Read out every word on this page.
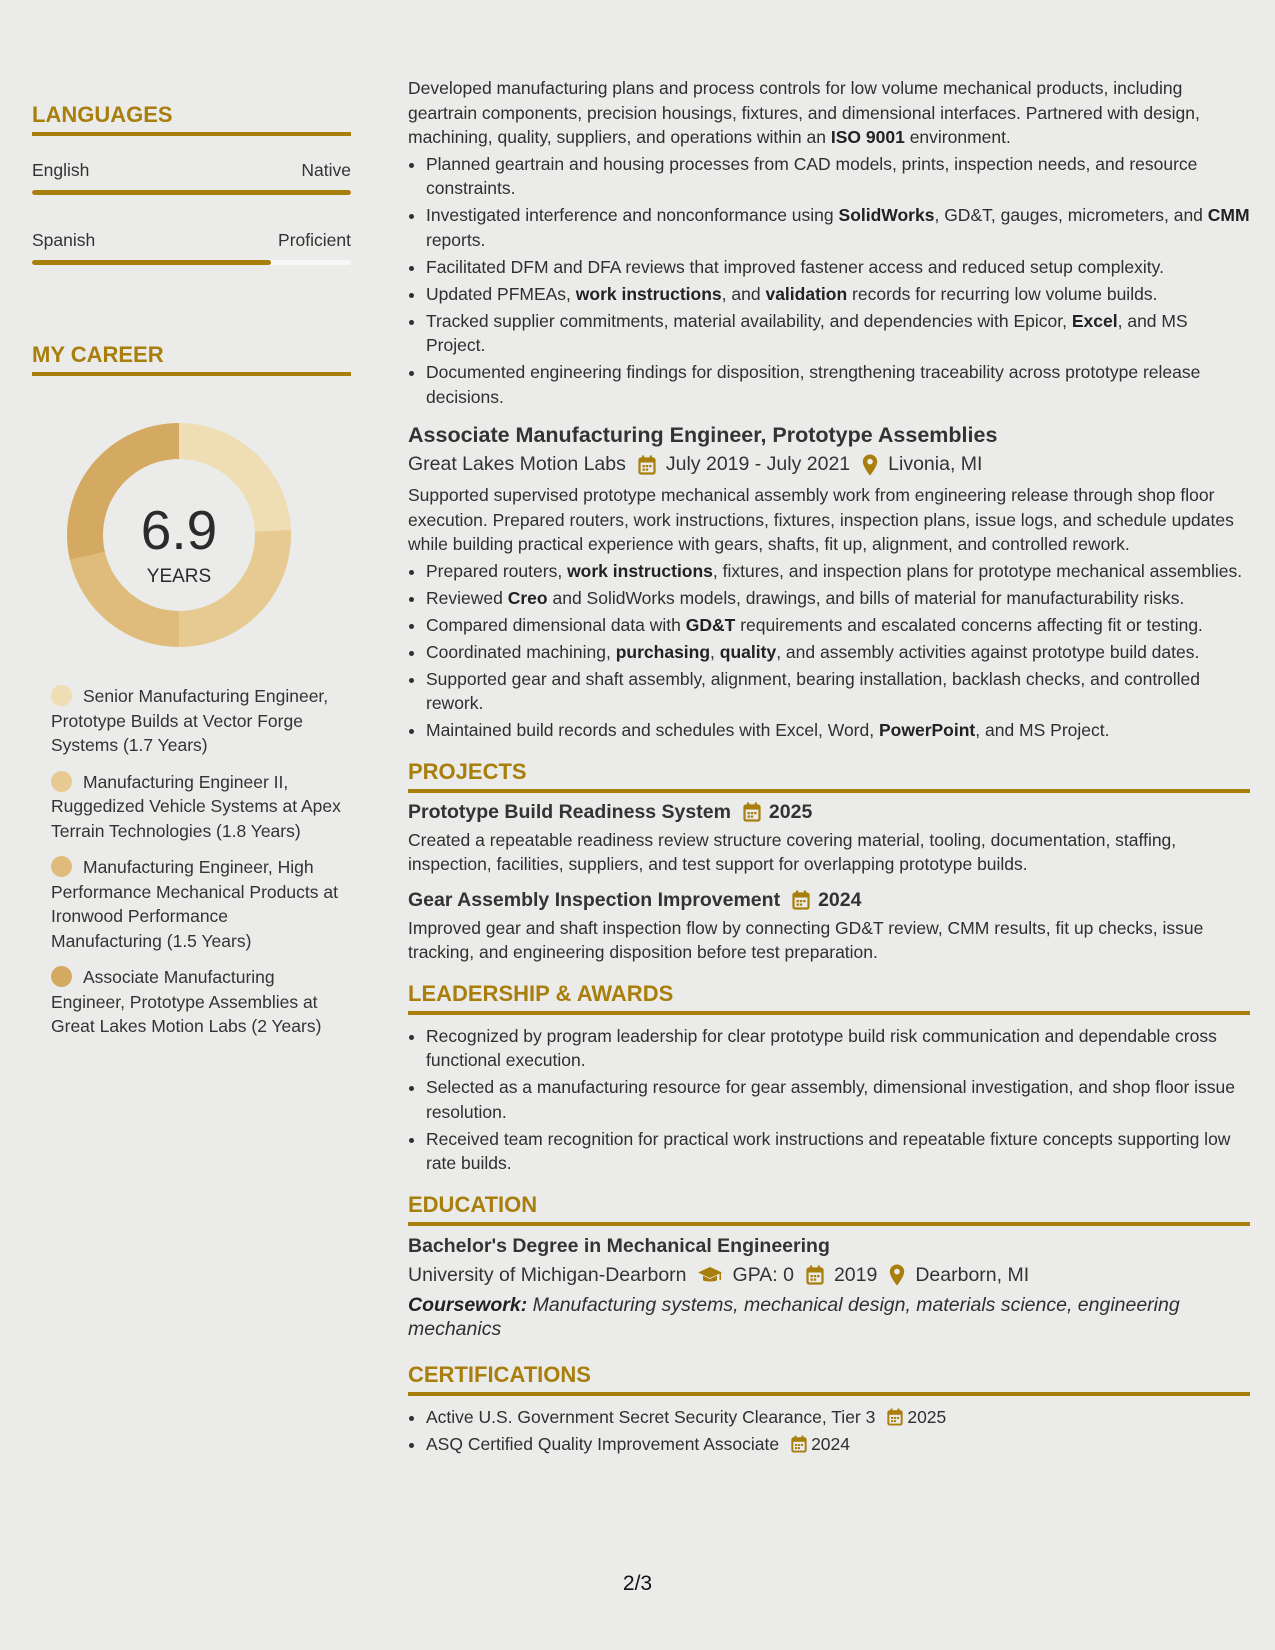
LANGUAGES
English	Native
Spanish	Proficient
MY CAREER
6.9
YEARS
Senior Manufacturing Engineer, Prototype Builds at Vector Forge Systems (1.7 Years)
Manufacturing Engineer II, Ruggedized Vehicle Systems at Apex Terrain Technologies (1.8 Years)
Manufacturing Engineer, High Performance Mechanical Products at Ironwood Performance Manufacturing (1.5 Years)
Associate Manufacturing Engineer, Prototype Assemblies at Great Lakes Motion Labs (2 Years)

Developed manufacturing plans and process controls for low volume mechanical products, including geartrain components, precision housings, fixtures, and dimensional interfaces. Partnered with design, machining, quality, suppliers, and operations within an ISO 9001 environment.

• Planned geartrain and housing processes from CAD models, prints, inspection needs, and resource constraints.
• Investigated interference and nonconformance using SolidWorks, GD&T, gauges, micrometers, and CMM reports.
• Facilitated DFM and DFA reviews that improved fastener access and reduced setup complexity.
• Updated PFMEAs, work instructions, and validation records for recurring low volume builds.
• Tracked supplier commitments, material availability, and dependencies with Epicor, Excel, and MS Project.
• Documented engineering findings for disposition, strengthening traceability across prototype release decisions.
Associate Manufacturing Engineer, Prototype Assemblies
Great Lakes Motion Labs July 2019 - July 2021 Livonia, MI

Supported supervised prototype mechanical assembly work from engineering release through shop floor execution. Prepared routers, work instructions, fixtures, inspection plans, issue logs, and schedule updates while building practical experience with gears, shafts, fit up, alignment, and controlled rework.

• Prepared routers, work instructions, fixtures, and inspection plans for prototype mechanical assemblies.
• Reviewed Creo and SolidWorks models, drawings, and bills of material for manufacturability risks.
• Compared dimensional data with GD&T requirements and escalated concerns affecting fit or testing.
• Coordinated machining, purchasing, quality, and assembly activities against prototype build dates.
• Supported gear and shaft assembly, alignment, bearing installation, backlash checks, and controlled rework.
• Maintained build records and schedules with Excel, Word, PowerPoint, and MS Project.
PROJECTS
Prototype Build Readiness System 2025

Created a repeatable readiness review structure covering material, tooling, documentation, staffing, inspection, facilities, suppliers, and test support for overlapping prototype builds.

Gear Assembly Inspection Improvement 2024

Improved gear and shaft inspection flow by connecting GD&T review, CMM results, fit up checks, issue tracking, and engineering disposition before test preparation.

LEADERSHIP & AWARDS
• Recognized by program leadership for clear prototype build risk communication and dependable cross functional execution.
• Selected as a manufacturing resource for gear assembly, dimensional investigation, and shop floor issue resolution.
• Received team recognition for practical work instructions and repeatable fixture concepts supporting low rate builds.
EDUCATION
Bachelor's Degree in Mechanical Engineering
University of Michigan-Dearborn GPA: 0 2019 Dearborn, MI

Coursework: Manufacturing systems, mechanical design, materials science, engineering mechanics

CERTIFICATIONS
• Active U.S. Government Secret Security Clearance, Tier 3 2025
• ASQ Certified Quality Improvement Associate 2024
2/3
